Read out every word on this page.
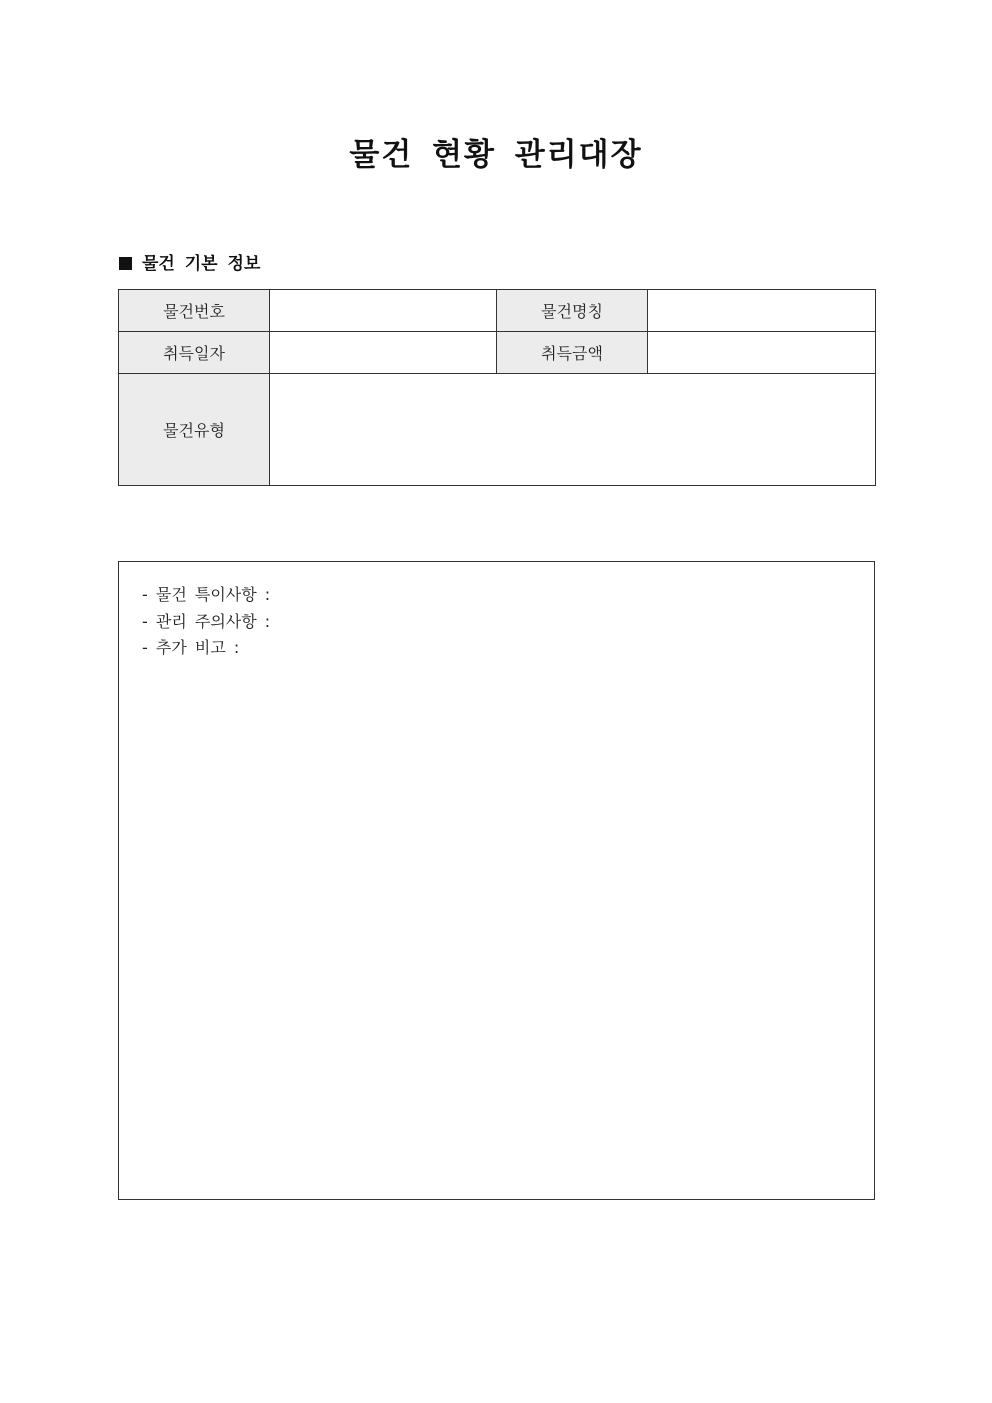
물건 현황 관리대장
물건 기본 정보
물건번호		물건명칭	
취득일자		취득금액	
물건유형			
- 물건 특이사항 :
- 관리 주의사항 :
- 추가 비고 :
